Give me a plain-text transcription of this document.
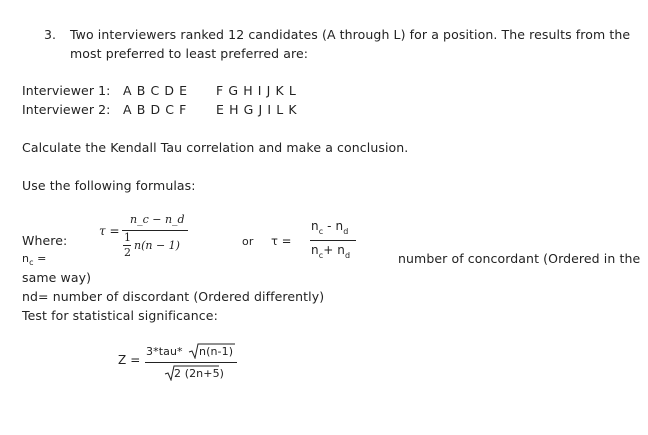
3. Two interviewers ranked 12 candidates (A through L) for a position. The results from the
most preferred to least preferred are:
Interviewer 1: A B C D E F G H I J K L
Interviewer 2: A B D C F E H G J I L K
Calculate the Kendall Tau correlation and make a conclusion.
Use the following formulas:
τ =
n_c − n_d
1
2
n(n − 1)	or τ =
$n_c - n_d$
$n_c+ n_d$
Where:
$n_c$ =	number of concordant (Ordered in the
same way)
nd= number of discordant (Ordered differently)
Test for statistical significance:
Z =
3*tau* n(n-1)
2 (2n+5)
